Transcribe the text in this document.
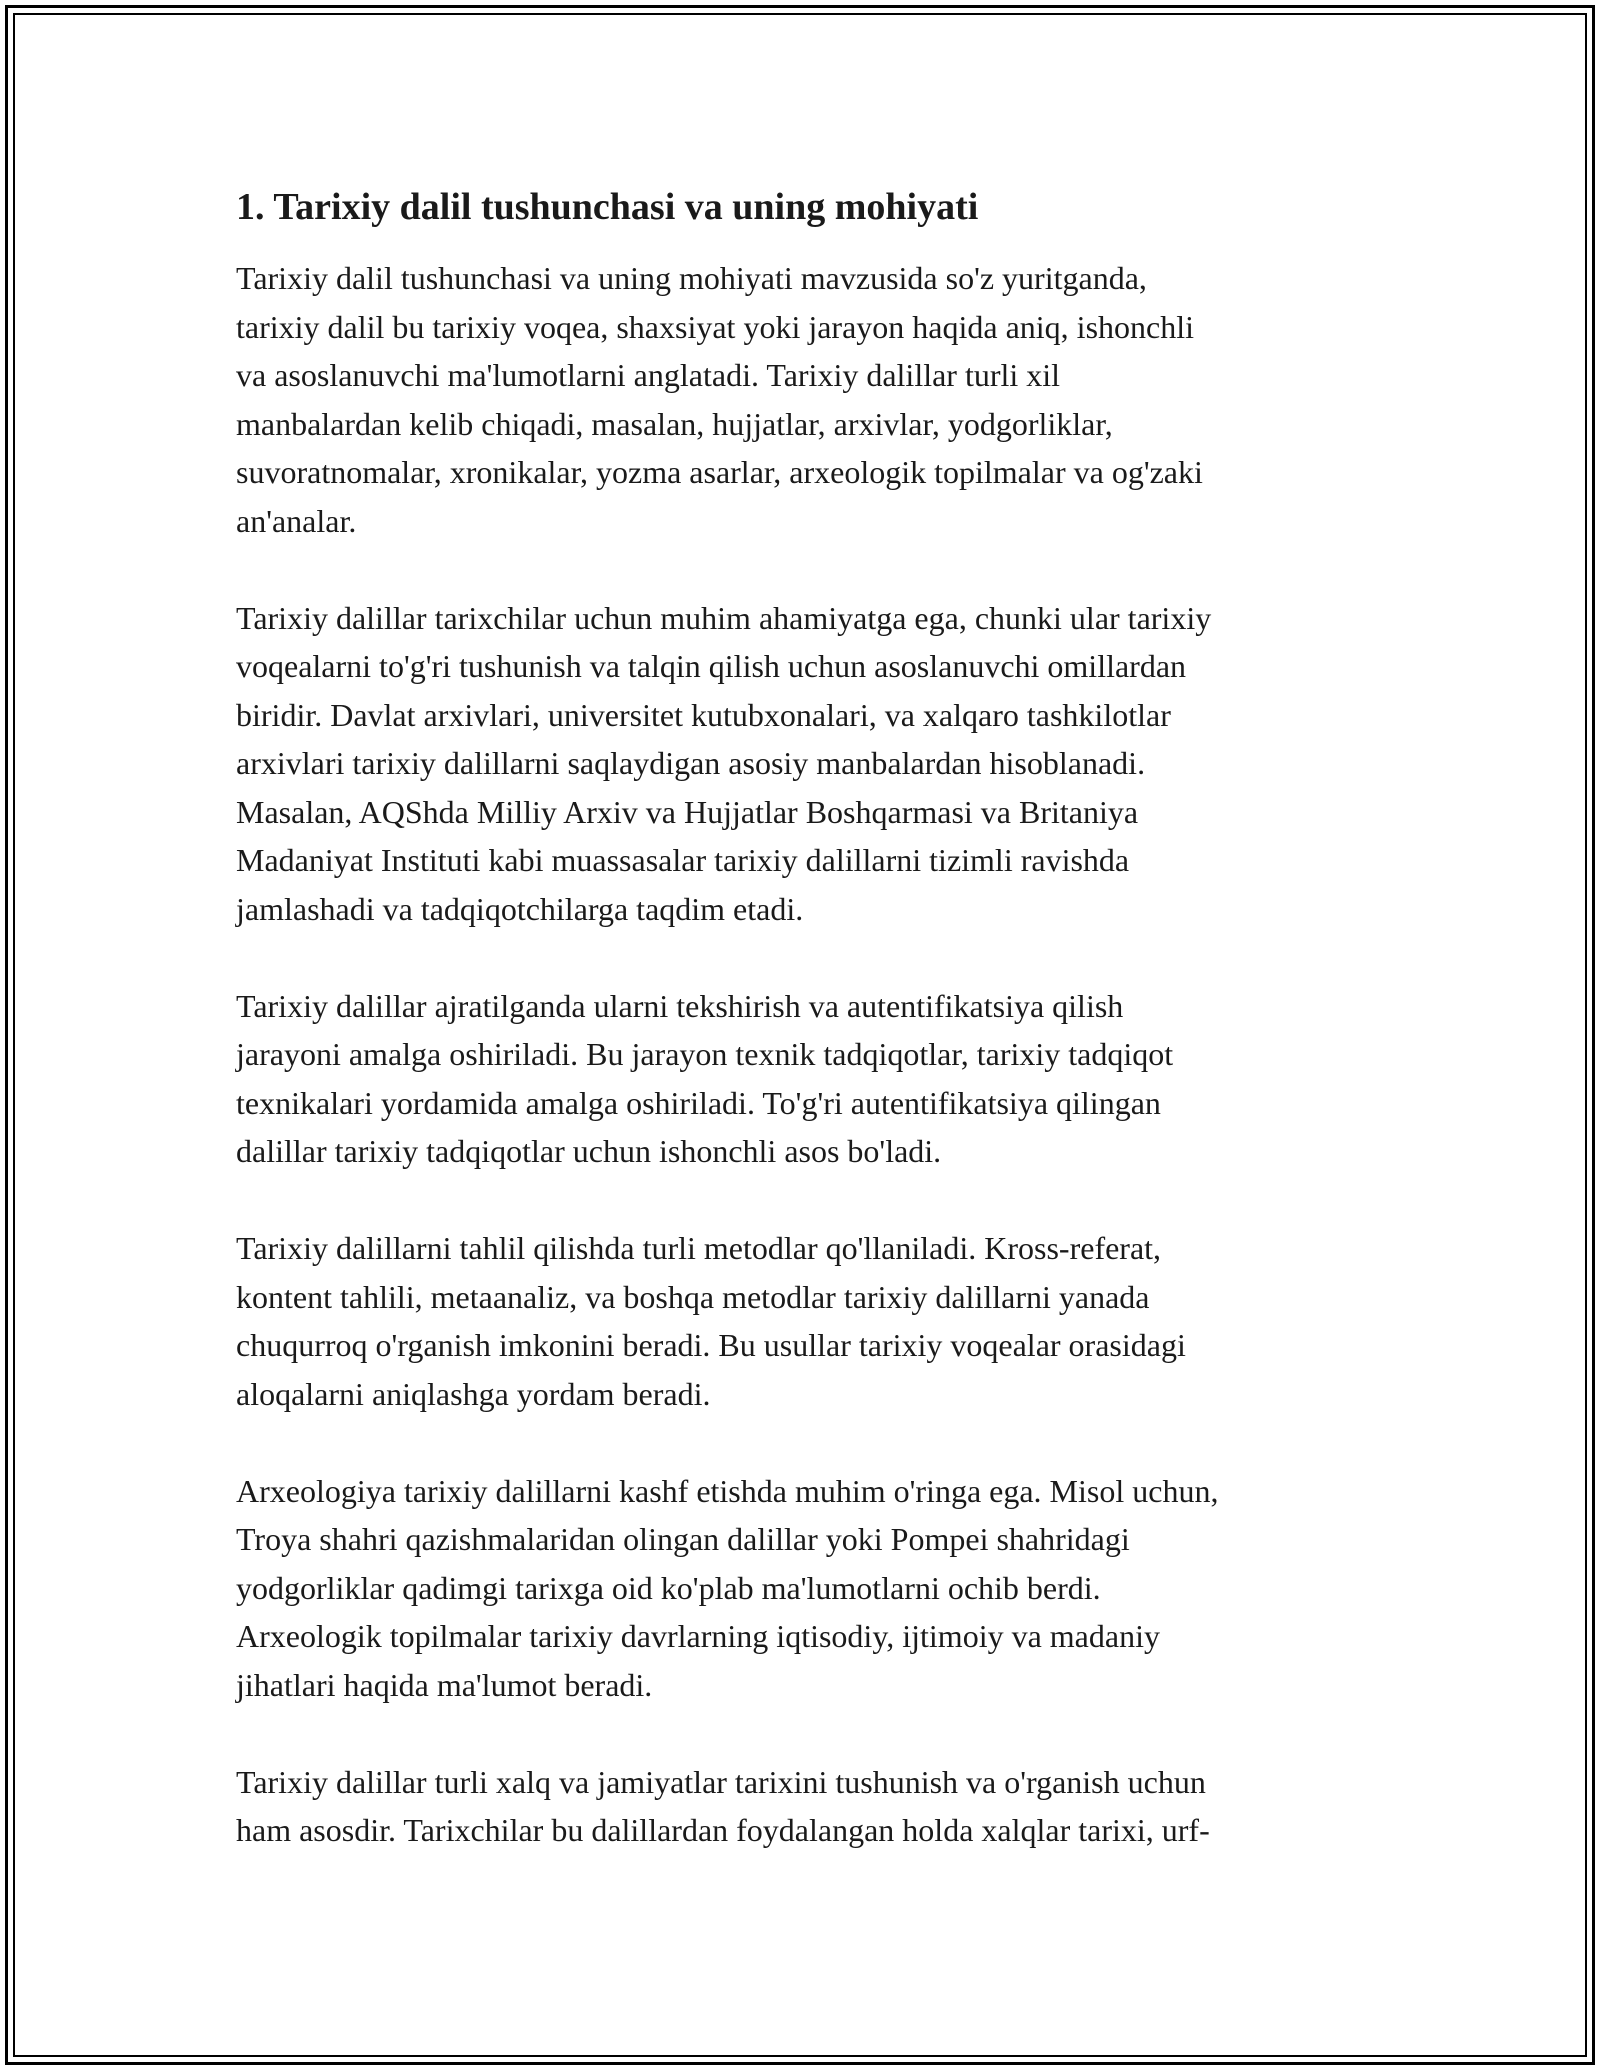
1. Tarixiy dalil tushunchasi va uning mohiyati

Tarixiy dalil tushunchasi va uning mohiyati mavzusida so'z yuritganda,
tarixiy dalil bu tarixiy voqea, shaxsiyat yoki jarayon haqida aniq, ishonchli
va asoslanuvchi ma'lumotlarni anglatadi. Tarixiy dalillar turli xil
manbalardan kelib chiqadi, masalan, hujjatlar, arxivlar, yodgorliklar,
suvoratnomalar, xronikalar, yozma asarlar, arxeologik topilmalar va og'zaki
an'analar.

Tarixiy dalillar tarixchilar uchun muhim ahamiyatga ega, chunki ular tarixiy
voqealarni to'g'ri tushunish va talqin qilish uchun asoslanuvchi omillardan
biridir. Davlat arxivlari, universitet kutubxonalari, va xalqaro tashkilotlar
arxivlari tarixiy dalillarni saqlaydigan asosiy manbalardan hisoblanadi.
Masalan, AQShda Milliy Arxiv va Hujjatlar Boshqarmasi va Britaniya
Madaniyat Instituti kabi muassasalar tarixiy dalillarni tizimli ravishda
jamlashadi va tadqiqotchilarga taqdim etadi.

Tarixiy dalillar ajratilganda ularni tekshirish va autentifikatsiya qilish
jarayoni amalga oshiriladi. Bu jarayon texnik tadqiqotlar, tarixiy tadqiqot
texnikalari yordamida amalga oshiriladi. To'g'ri autentifikatsiya qilingan
dalillar tarixiy tadqiqotlar uchun ishonchli asos bo'ladi.

Tarixiy dalillarni tahlil qilishda turli metodlar qo'llaniladi. Kross-referat,
kontent tahlili, metaanaliz, va boshqa metodlar tarixiy dalillarni yanada
chuqurroq o'rganish imkonini beradi. Bu usullar tarixiy voqealar orasidagi
aloqalarni aniqlashga yordam beradi.

Arxeologiya tarixiy dalillarni kashf etishda muhim o'ringa ega. Misol uchun,
Troya shahri qazishmalaridan olingan dalillar yoki Pompei shahridagi
yodgorliklar qadimgi tarixga oid ko'plab ma'lumotlarni ochib berdi.
Arxeologik topilmalar tarixiy davrlarning iqtisodiy, ijtimoiy va madaniy
jihatlari haqida ma'lumot beradi.

Tarixiy dalillar turli xalq va jamiyatlar tarixini tushunish va o'rganish uchun
ham asosdir. Tarixchilar bu dalillardan foydalangan holda xalqlar tarixi, urf-
